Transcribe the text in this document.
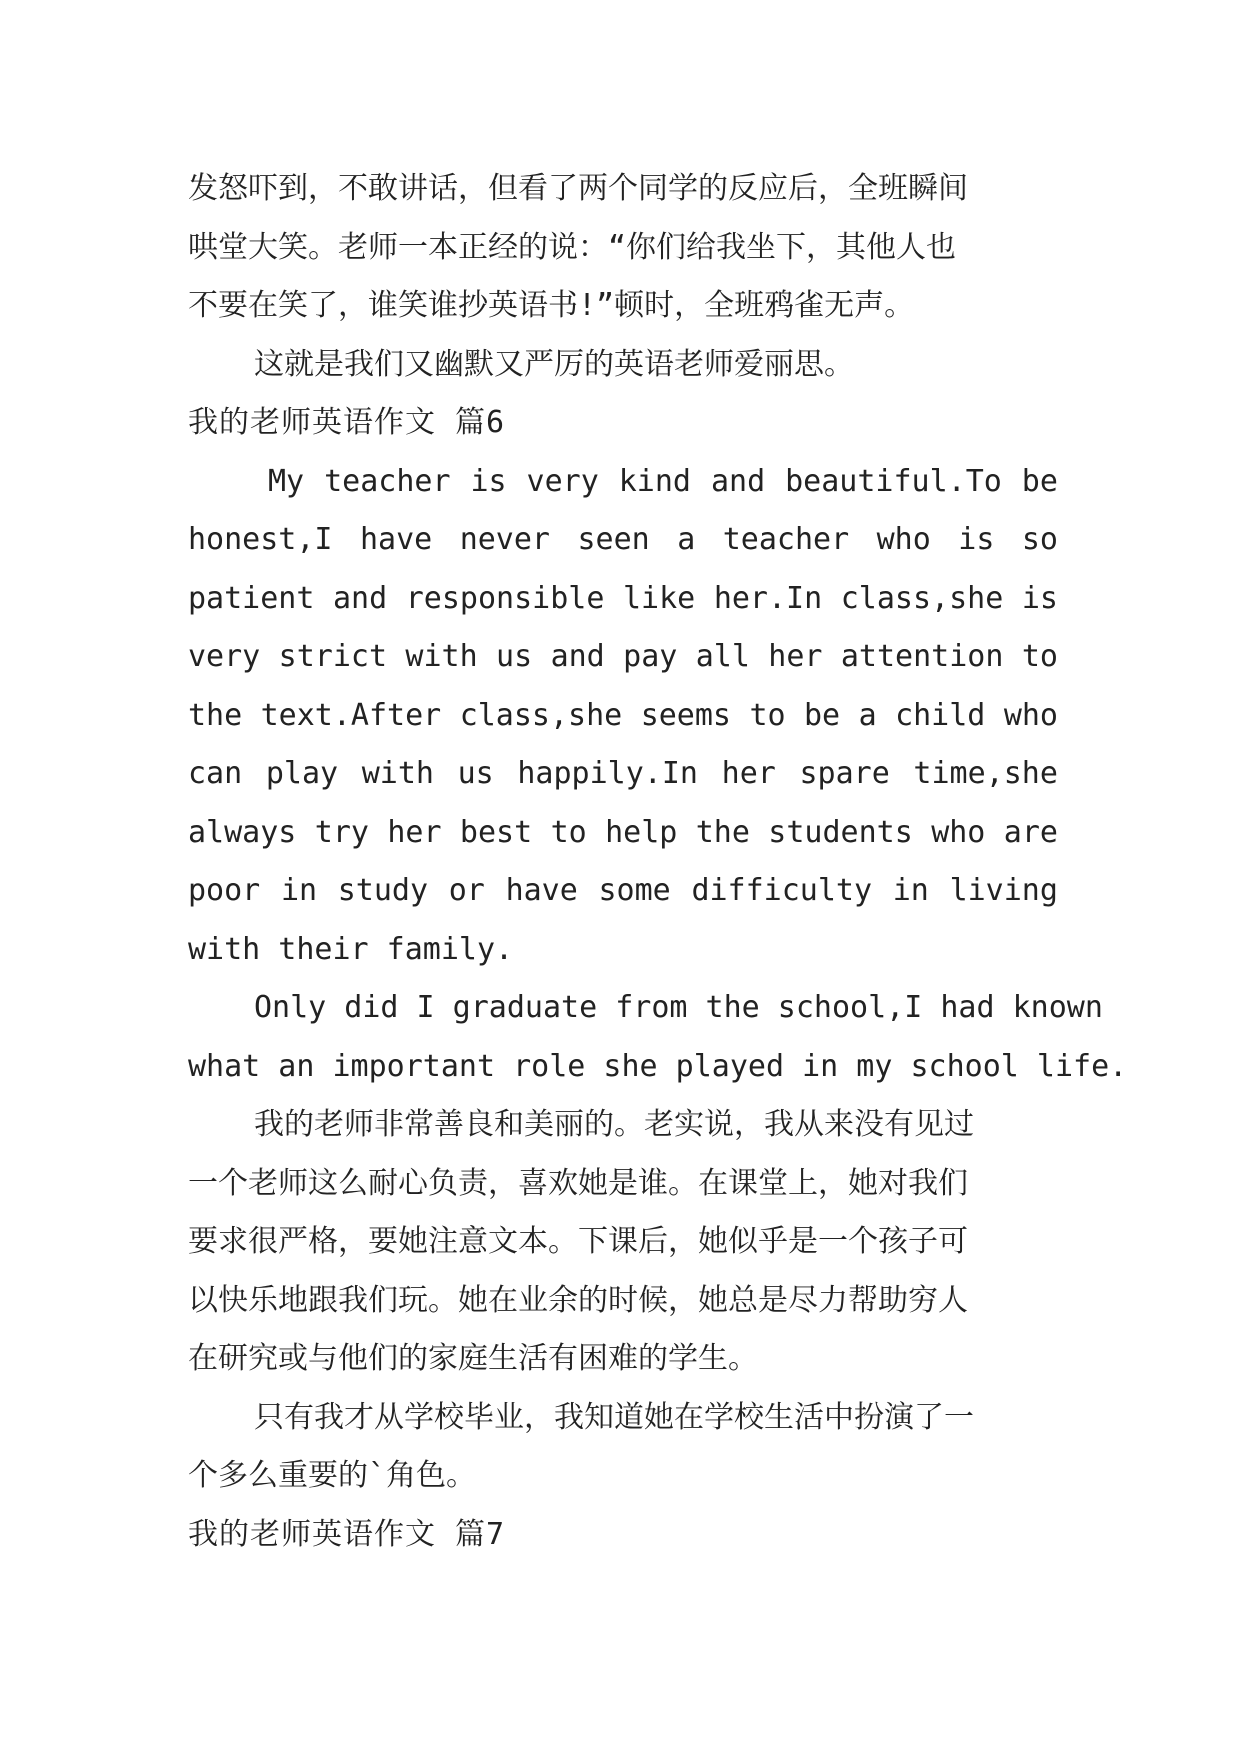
发怒吓到，不敢讲话，但看了两个同学的反应后，全班瞬间
哄堂大笑。老师一本正经的说：“你们给我坐下，其他人也
不要在笑了，谁笑谁抄英语书!”顿时，全班鸦雀无声。
这就是我们又幽默又严厉的英语老师爱丽思。
我的老师英语作文 篇6
My teacher is very kind and beautiful.To be
honest,I have never seen a teacher who is so
patient and responsible like her.In class,she is
very strict with us and pay all her attention to
the text.After class,she seems to be a child who
can play with us happily.In her spare time,she
always try her best to help the students who are
poor in study or have some difficulty in living
with their family.
Only did I graduate from the school,I had known
what an important role she played in my school life.
我的老师非常善良和美丽的。老实说，我从来没有见过
一个老师这么耐心负责，喜欢她是谁。在课堂上，她对我们
要求很严格，要她注意文本。下课后，她似乎是一个孩子可
以快乐地跟我们玩。她在业余的时候，她总是尽力帮助穷人
在研究或与他们的家庭生活有困难的学生。
只有我才从学校毕业，我知道她在学校生活中扮演了一
个多么重要的`角色。
我的老师英语作文 篇7
